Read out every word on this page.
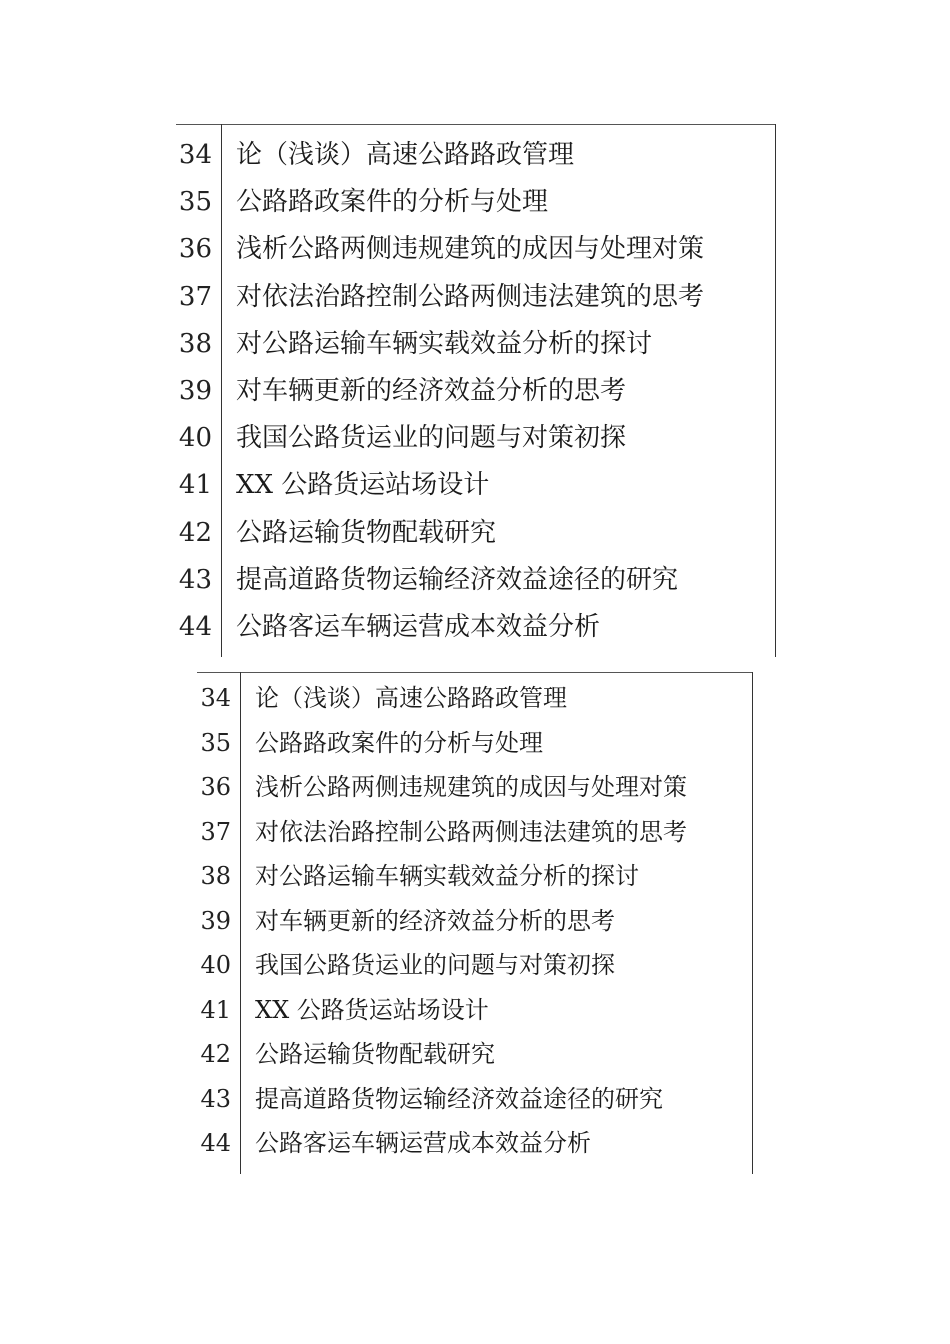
34 论（浅谈）高速公路路政管理
35 公路路政案件的分析与处理
36 浅析公路两侧违规建筑的成因与处理对策
37 对依法治路控制公路两侧违法建筑的思考
38 对公路运输车辆实载效益分析的探讨
39 对车辆更新的经济效益分析的思考
40 我国公路货运业的问题与对策初探
41 XX 公路货运站场设计
42 公路运输货物配载研究
43 提高道路货物运输经济效益途径的研究
44 公路客运车辆运营成本效益分析
34 论（浅谈）高速公路路政管理
35 公路路政案件的分析与处理
36 浅析公路两侧违规建筑的成因与处理对策
37 对依法治路控制公路两侧违法建筑的思考
38 对公路运输车辆实载效益分析的探讨
39 对车辆更新的经济效益分析的思考
40 我国公路货运业的问题与对策初探
41 XX 公路货运站场设计
42 公路运输货物配载研究
43 提高道路货物运输经济效益途径的研究
44 公路客运车辆运营成本效益分析
